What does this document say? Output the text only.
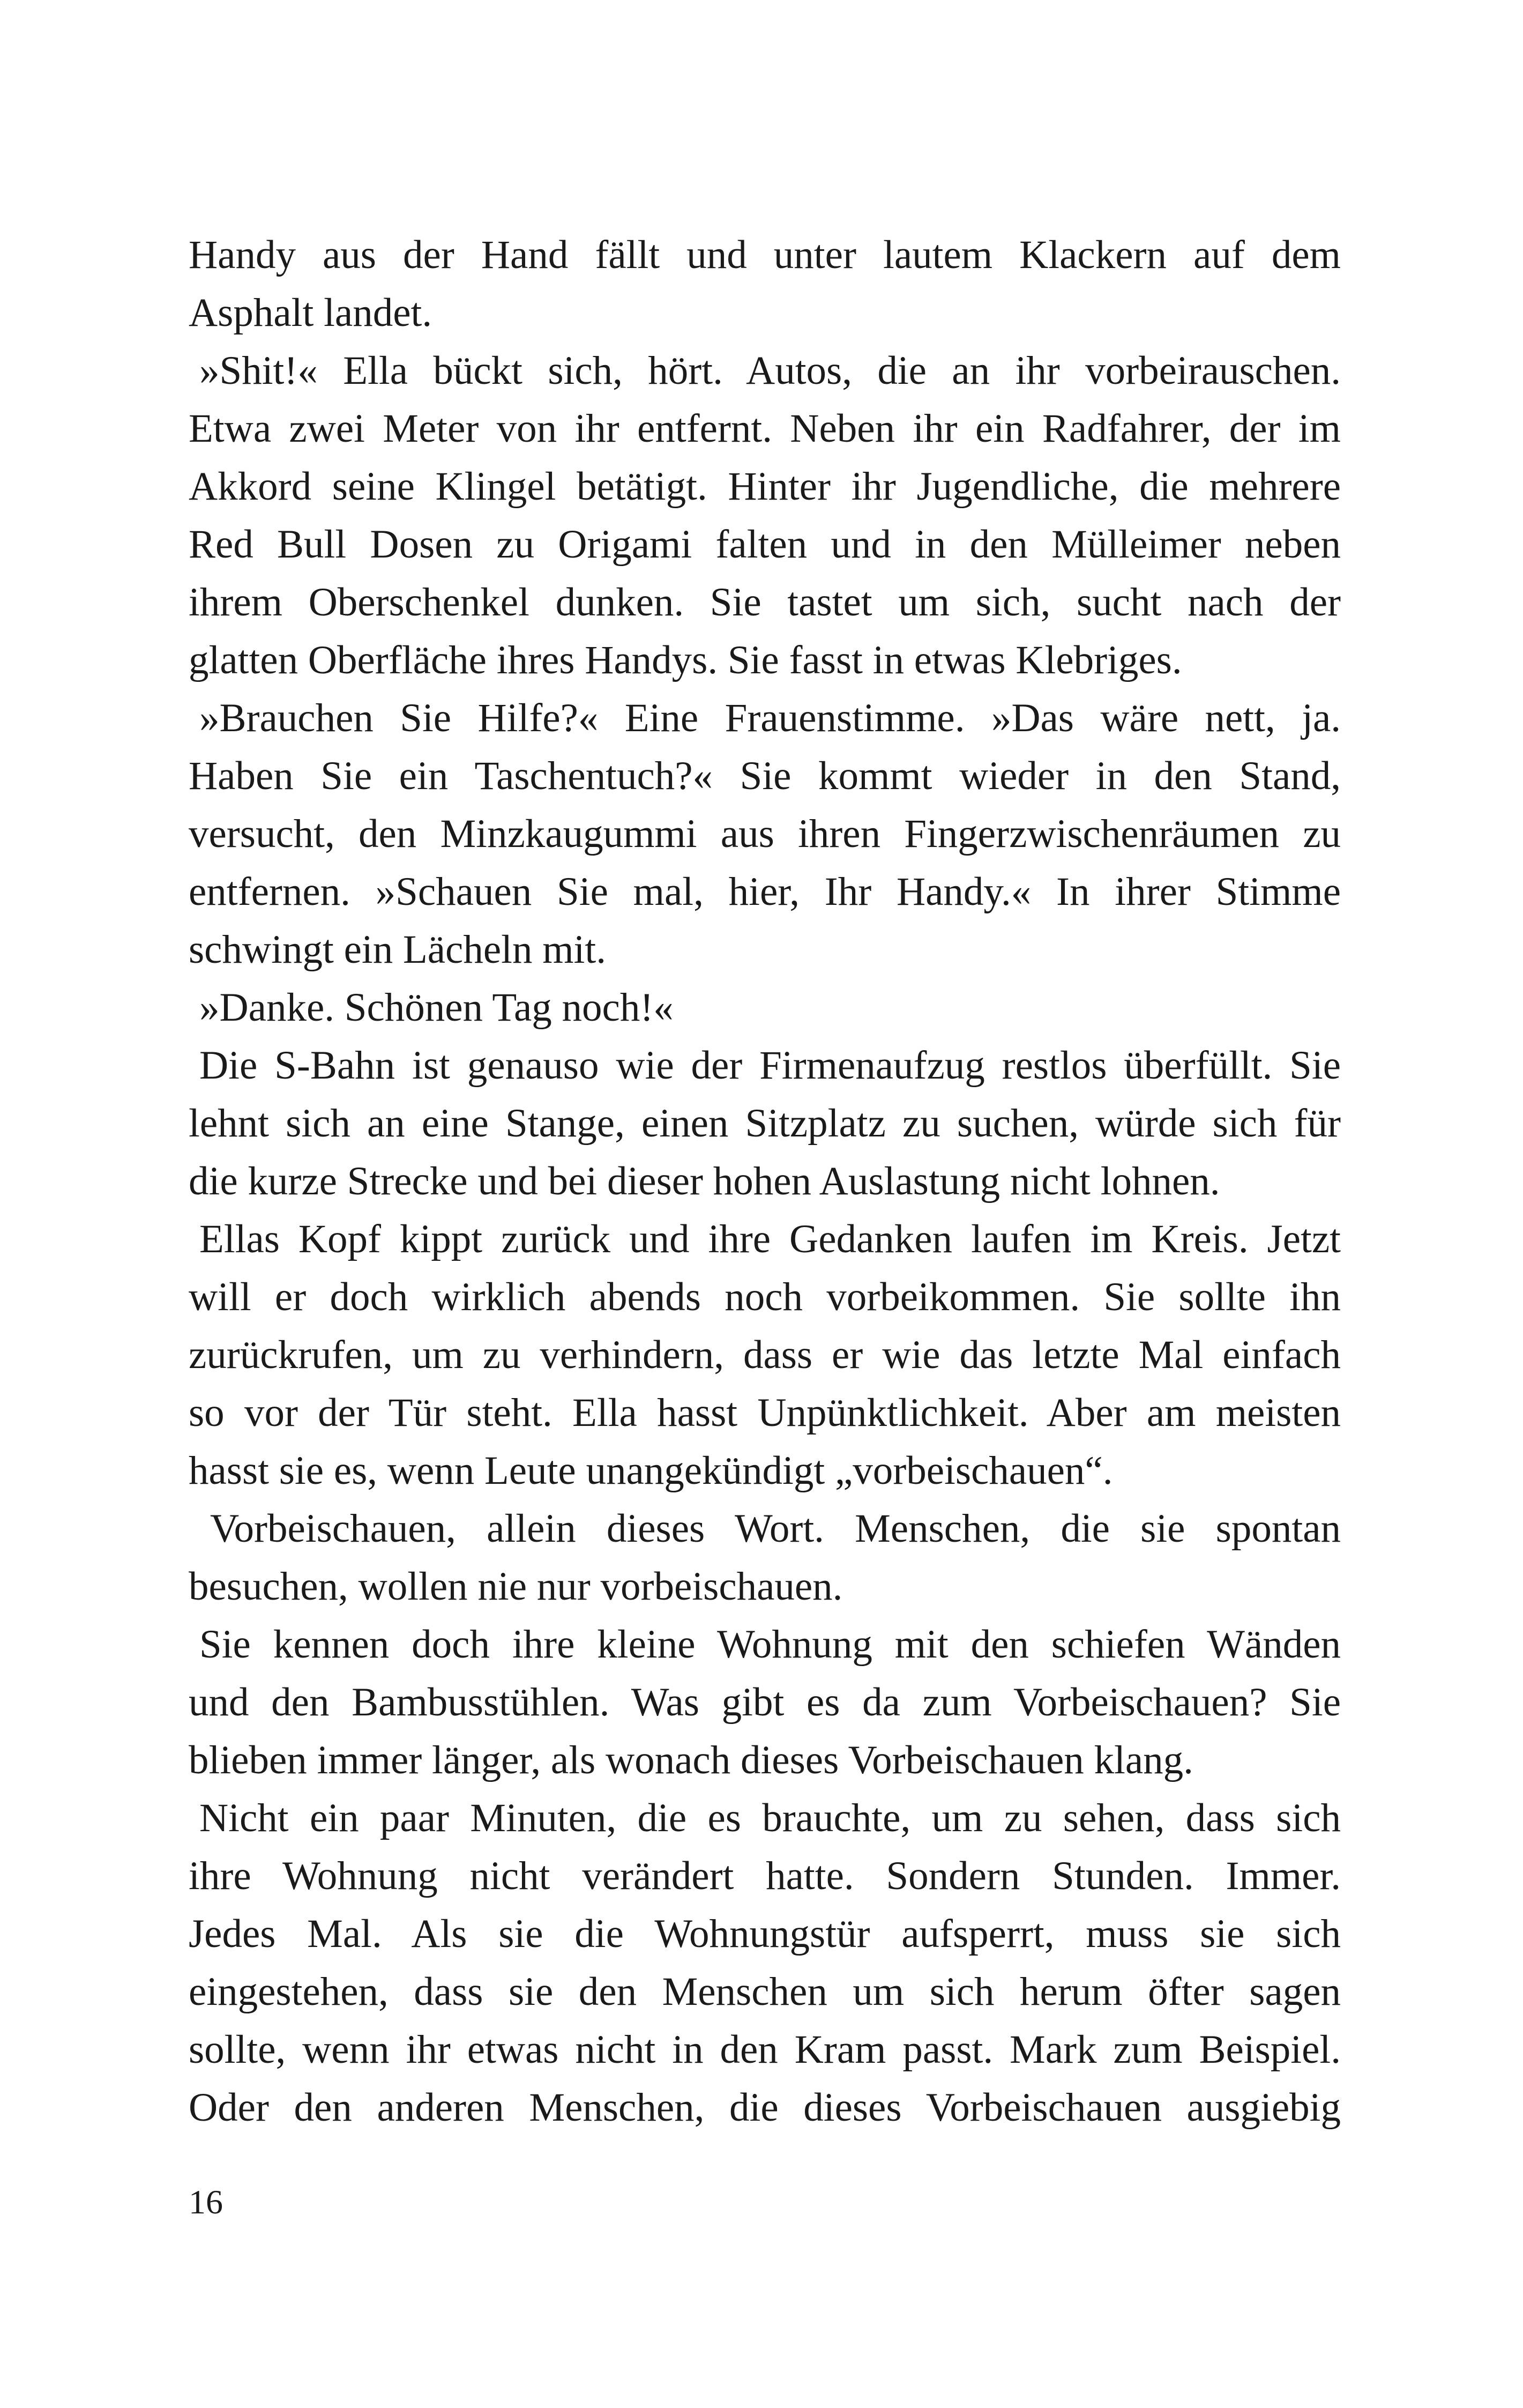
Handy aus der Hand fällt und unter lautem Klackern auf dem
Asphalt landet.
»Shit!« Ella bückt sich, hört. Autos, die an ihr vorbeirauschen.
Etwa zwei Meter von ihr entfernt. Neben ihr ein Radfahrer, der im
Akkord seine Klingel betätigt. Hinter ihr Jugendliche, die mehrere
Red Bull Dosen zu Origami falten und in den Mülleimer neben
ihrem Oberschenkel dunken. Sie tastet um sich, sucht nach der
glatten Oberfläche ihres Handys. Sie fasst in etwas Klebriges.
»Brauchen Sie Hilfe?« Eine Frauenstimme. »Das wäre nett, ja.
Haben Sie ein Taschentuch?« Sie kommt wieder in den Stand,
versucht, den Minzkaugummi aus ihren Fingerzwischenräumen zu
entfernen. »Schauen Sie mal, hier, Ihr Handy.« In ihrer Stimme
schwingt ein Lächeln mit.
»Danke. Schönen Tag noch!«
Die S-Bahn ist genauso wie der Firmenaufzug restlos überfüllt. Sie
lehnt sich an eine Stange, einen Sitzplatz zu suchen, würde sich für
die kurze Strecke und bei dieser hohen Auslastung nicht lohnen.
Ellas Kopf kippt zurück und ihre Gedanken laufen im Kreis. Jetzt
will er doch wirklich abends noch vorbeikommen. Sie sollte ihn
zurückrufen, um zu verhindern, dass er wie das letzte Mal einfach
so vor der Tür steht. Ella hasst Unpünktlichkeit. Aber am meisten
hasst sie es, wenn Leute unangekündigt „vorbeischauen“.
Vorbeischauen, allein dieses Wort. Menschen, die sie spontan
besuchen, wollen nie nur vorbeischauen.
Sie kennen doch ihre kleine Wohnung mit den schiefen Wänden
und den Bambusstühlen. Was gibt es da zum Vorbeischauen? Sie
blieben immer länger, als wonach dieses Vorbeischauen klang.
Nicht ein paar Minuten, die es brauchte, um zu sehen, dass sich
ihre Wohnung nicht verändert hatte. Sondern Stunden. Immer.
Jedes Mal. Als sie die Wohnungstür aufsperrt, muss sie sich
eingestehen, dass sie den Menschen um sich herum öfter sagen
sollte, wenn ihr etwas nicht in den Kram passt. Mark zum Beispiel.
Oder den anderen Menschen, die dieses Vorbeischauen ausgiebig
16
